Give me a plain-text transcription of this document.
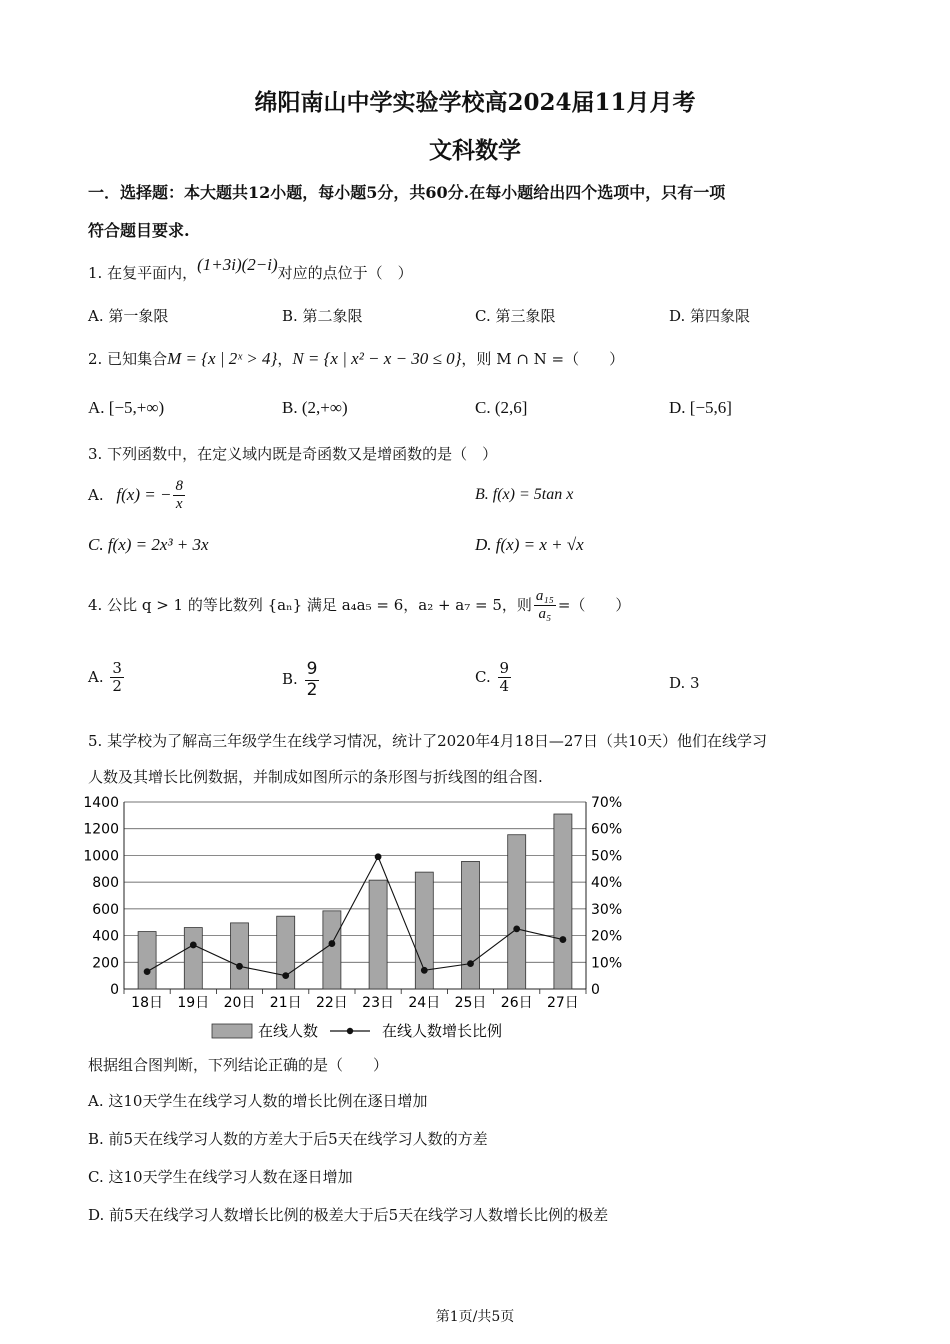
绵阳南山中学实验学校高2024届11月月考
文科数学
一．选择题：本大题共12小题，每小题5分，共60分.在每小题给出四个选项中，只有一项
符合题目要求.
1. 在复平面内，(1+3i)(2−i)对应的点位于（　）
A. 第一象限	B. 第二象限	C. 第三象限	D. 第四象限
2. 已知集合M = {x | 2ˣ > 4}，N = {x | x² − x − 30 ≤ 0}，则 M ∩ N =（　　）
A. [−5,+∞)	B. (2,+∞)	C. (2,6]	D. [−5,6]
3. 下列函数中，在定义域内既是奇函数又是增函数的是（　）
A. f(x) = − $\frac{8}{x}$	B. f(x) = 5tan x
C. f(x) = 2x³ + 3x	D. f(x) = x + √x
4. 公比 q > 1 的等比数列 {aₙ} 满足 a₄a₅ = 6，a₂ + a₇ = 5，则 $\frac{\text{a₁₅}}{\text{a₅}}$ =（　　）
A. $\frac{3}{2}$	B. $\frac{9}{2}$	C. $\frac{9}{4}$	D. 3
5. 某学校为了解高三年级学生在线学习情况，统计了2020年4月18日—27日（共10天）他们在线学习
人数及其增长比例数据，并制成如图所示的条形图与折线图的组合图.
0	0
200	10%
400	20%
600	30%
800	40%
1000	50%
1200	60%
1400	70%
18日 19日 20日 21日 22日 23日 24日 25日 26日 27日
在线人数	在线人数增长比例
根据组合图判断，下列结论正确的是（　　）
A. 这10天学生在线学习人数的增长比例在逐日增加
B. 前5天在线学习人数的方差大于后5天在线学习人数的方差
C. 这10天学生在线学习人数在逐日增加
D. 前5天在线学习人数增长比例的极差大于后5天在线学习人数增长比例的极差
第1页/共5页
